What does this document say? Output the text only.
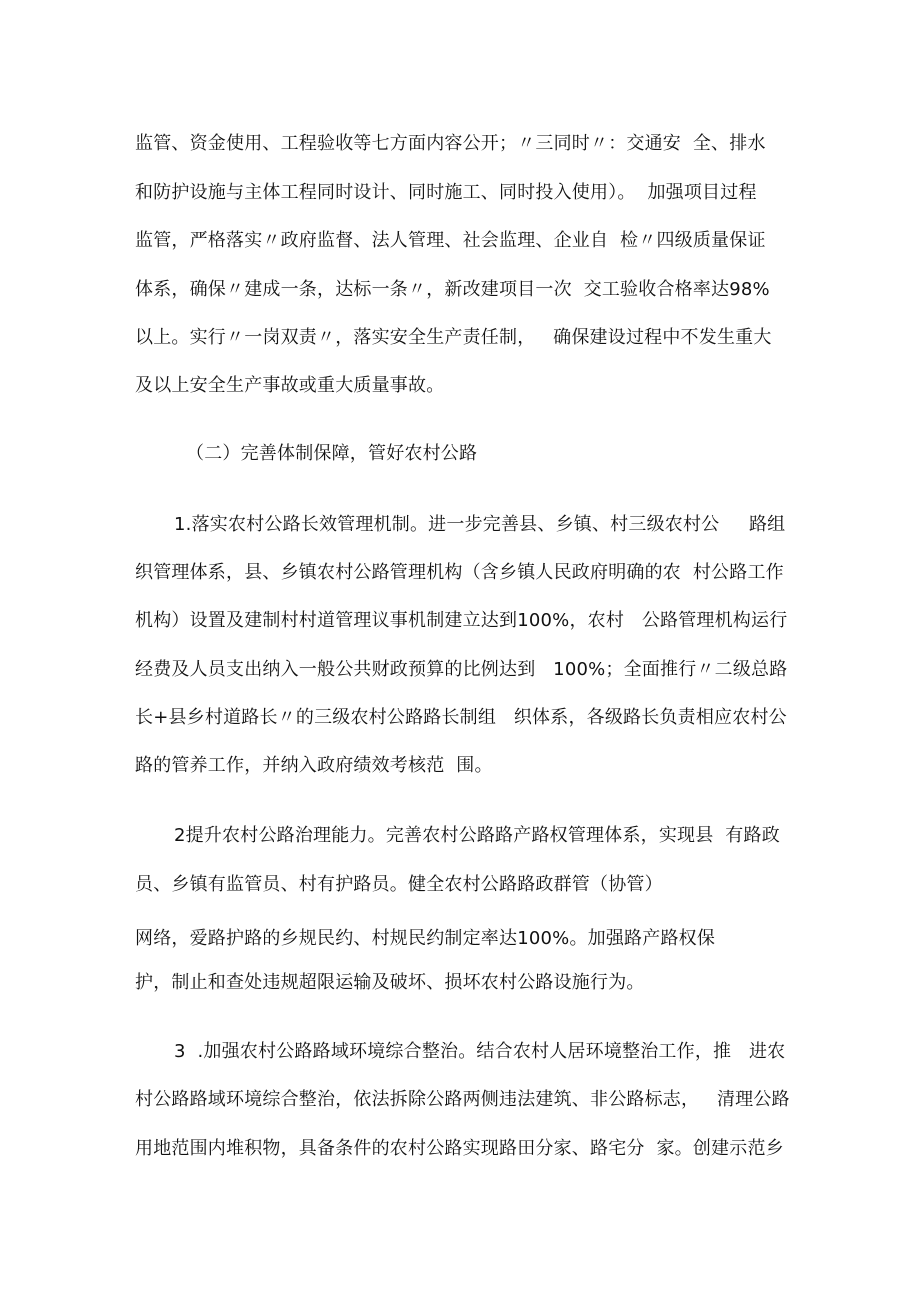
监管、资金使用、工程验收等七方面内容公开；〃三同时〃：交通安  全、排水
和防护设施与主体工程同时设计、同时施工、同时投入使用）。  加强项目过程
监管，严格落实〃政府监督、法人管理、社会监理、企业自  检〃四级质量保证
体系，确保〃建成一条，达标一条〃，新改建项目一次  交工验收合格率达98%
以上。实行〃一岗双责〃，落实安全生产责任制，   确保建设过程中不发生重大
及以上安全生产事故或重大质量事故。
（二）完善体制保障，管好农村公路
1.落实农村公路长效管理机制。进一步完善县、乡镇、村三级农村公     路组
织管理体系，县、乡镇农村公路管理机构（含乡镇人民政府明确的农  村公路工作
机构）设置及建制村村道管理议事机制建立达到100%，农村   公路管理机构运行
经费及人员支出纳入一般公共财政预算的比例达到   100%；全面推行〃二级总路
长+县乡村道路长〃的三级农村公路路长制组   织体系，各级路长负责相应农村公
路的管养工作，并纳入政府绩效考核范  围。
2提升农村公路治理能力。完善农村公路路产路权管理体系，实现县  有路政
员、乡镇有监管员、村有护路员。健全农村公路路政群管（协管）
网络，爱路护路的乡规民约、村规民约制定率达100%。加强路产路权保
护，制止和查处违规超限运输及破坏、损坏农村公路设施行为。
3  .加强农村公路路域环境综合整治。结合农村人居环境整治工作，推   进农
村公路路域环境综合整治，依法拆除公路两侧违法建筑、非公路标志，   清理公路
用地范围内堆积物，具备条件的农村公路实现路田分家、路宅分  家。创建示范乡
